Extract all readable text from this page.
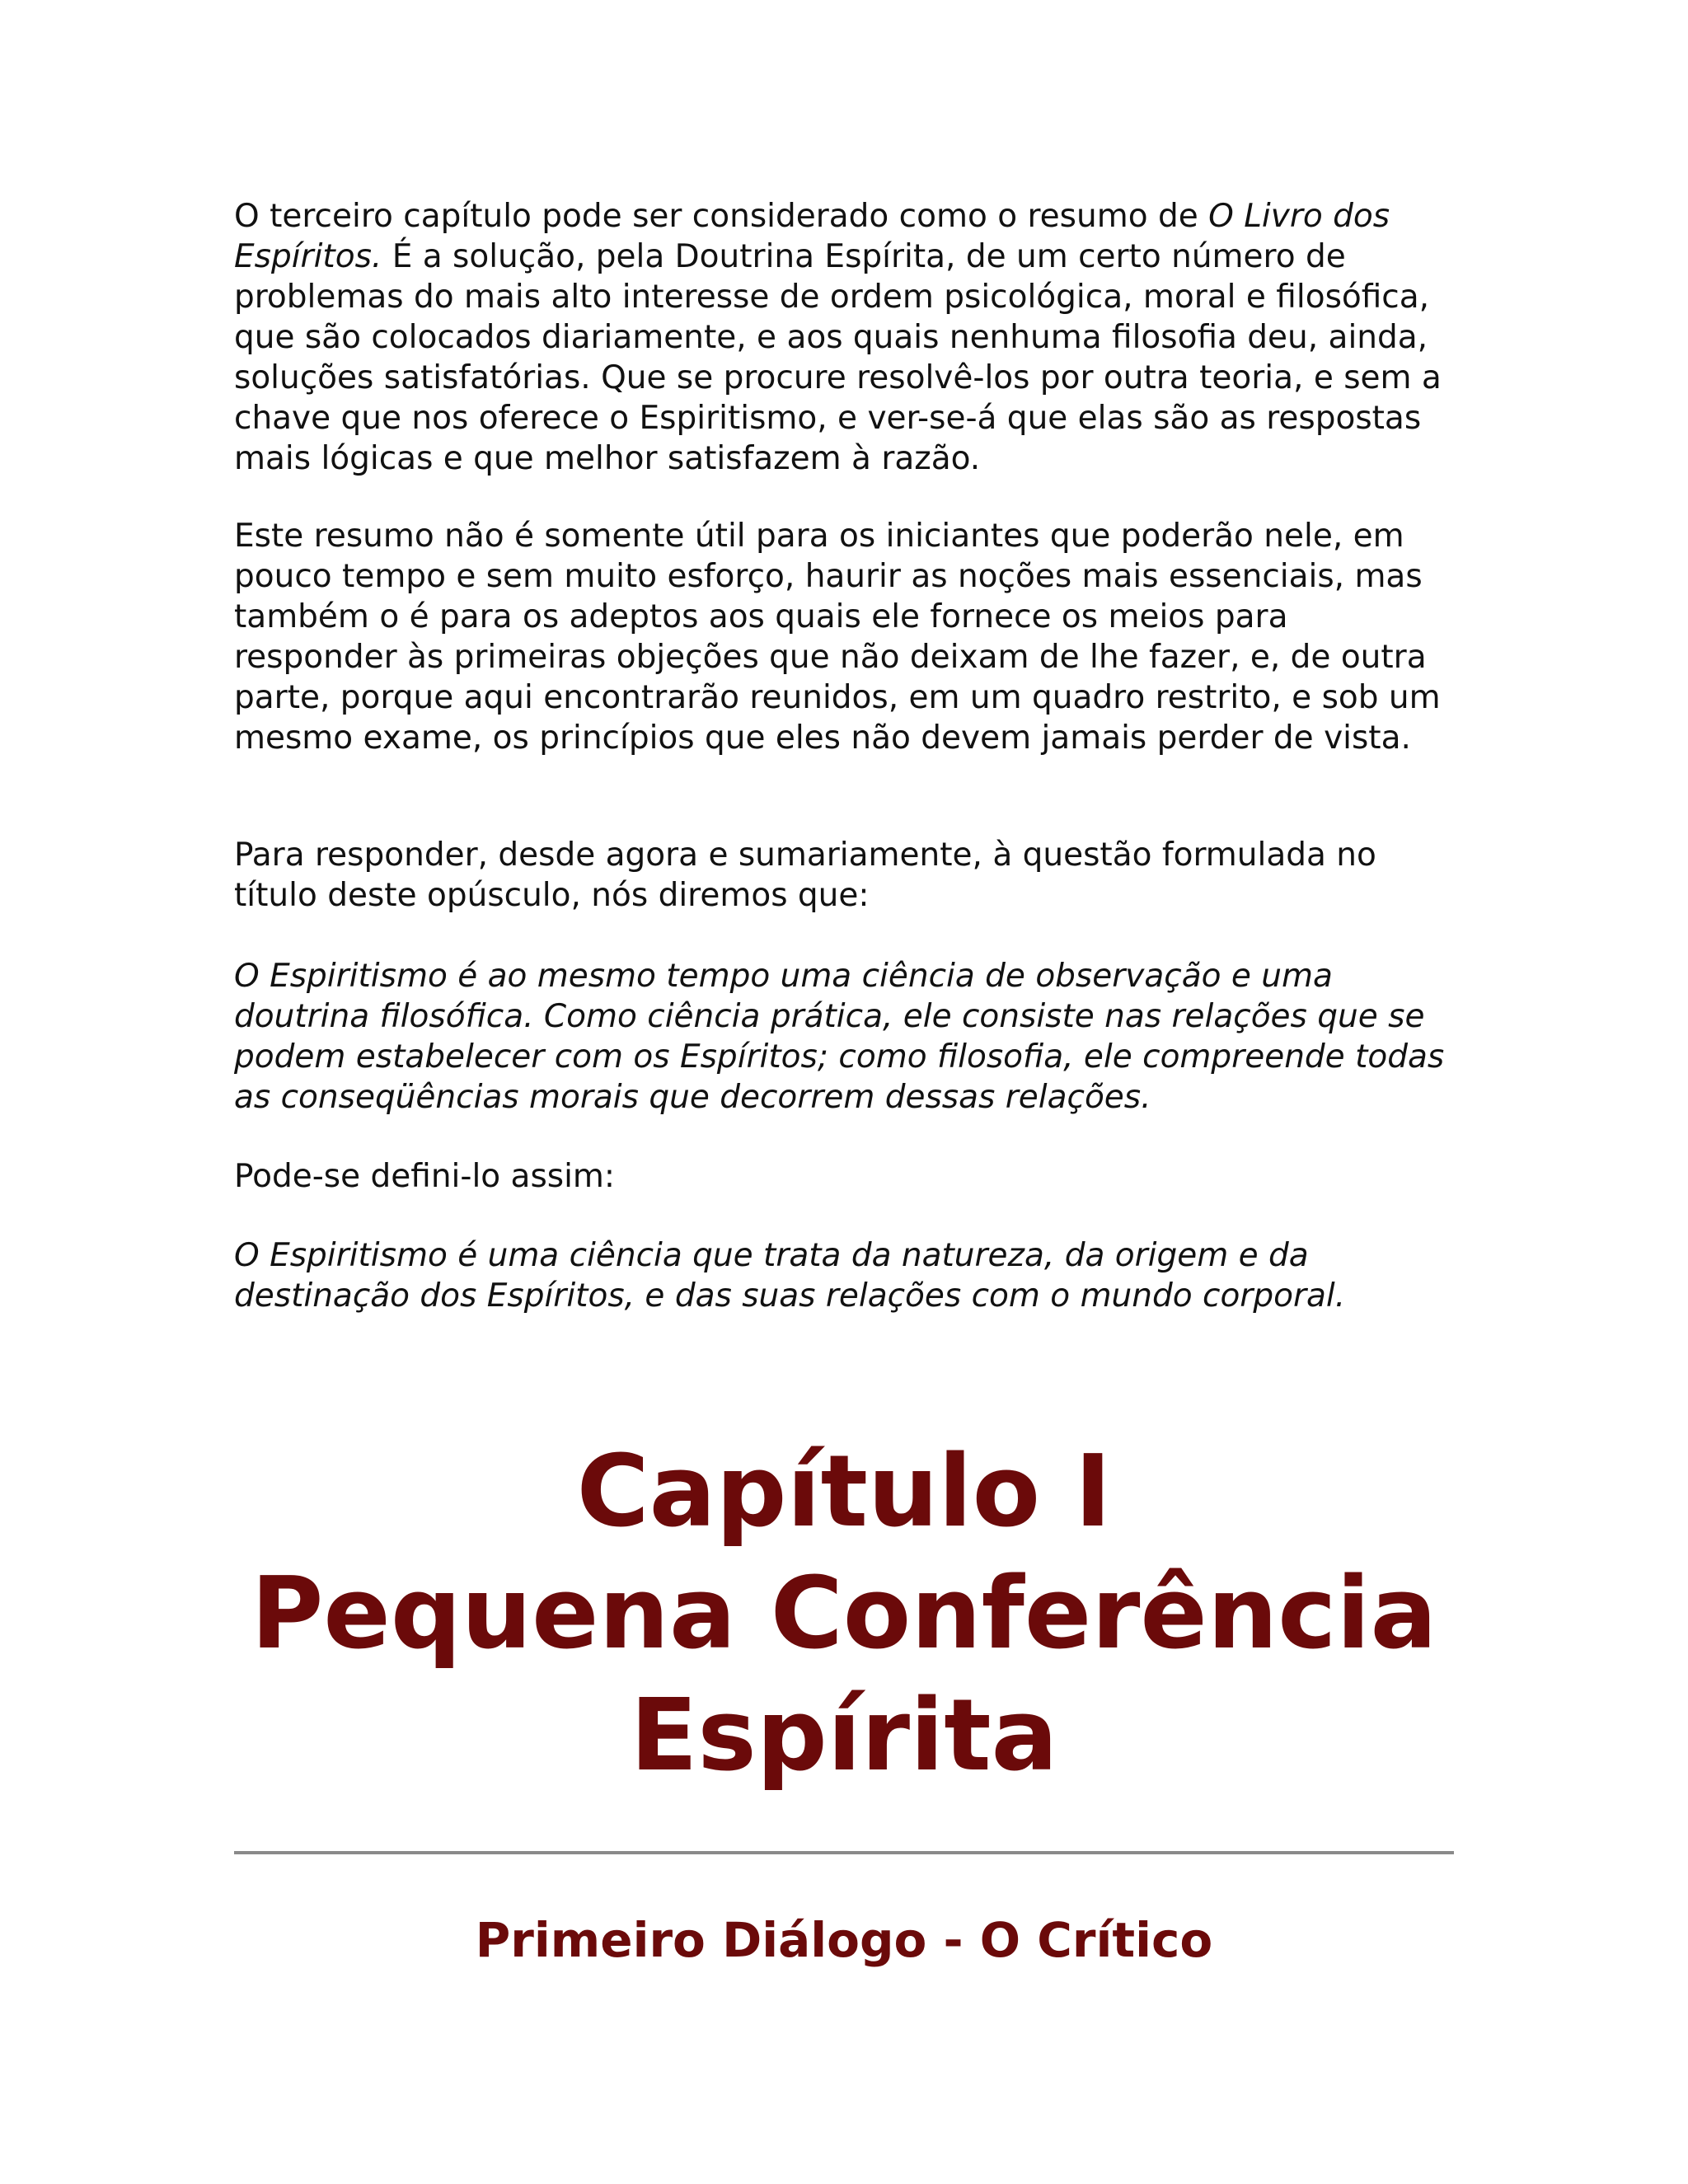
O terceiro capítulo pode ser considerado como o resumo de O Livro dos Espíritos. É a solução, pela Doutrina Espírita, de um certo número de problemas do mais alto interesse de ordem psicológica, moral e filosófica, que são colocados diariamente, e aos quais nenhuma filosofia deu, ainda, soluções satisfatórias. Que se procure resolvê-los por outra teoria, e sem a chave que nos oferece o Espiritismo, e ver-se-á que elas são as respostas mais lógicas e que melhor satisfazem à razão.

Este resumo não é somente útil para os iniciantes que poderão nele, em pouco tempo e sem muito esforço, haurir as noções mais essenciais, mas também o é para os adeptos aos quais ele fornece os meios para responder às primeiras objeções que não deixam de lhe fazer, e, de outra parte, porque aqui encontrarão reunidos, em um quadro restrito, e sob um mesmo exame, os princípios que eles não devem jamais perder de vista.

Para responder, desde agora e sumariamente, à questão formulada no título deste opúsculo, nós diremos que:

O Espiritismo é ao mesmo tempo uma ciência de observação e uma doutrina filosófica. Como ciência prática, ele consiste nas relações que se podem estabelecer com os Espíritos; como filosofia, ele compreende todas as conseqüências morais que decorrem dessas relações.

Pode-se defini-lo assim:

O Espiritismo é uma ciência que trata da natureza, da origem e da destinação dos Espíritos, e das suas relações com o mundo corporal.

Capítulo I
Pequena Conferência
Espírita
Primeiro Diálogo - O Crítico
